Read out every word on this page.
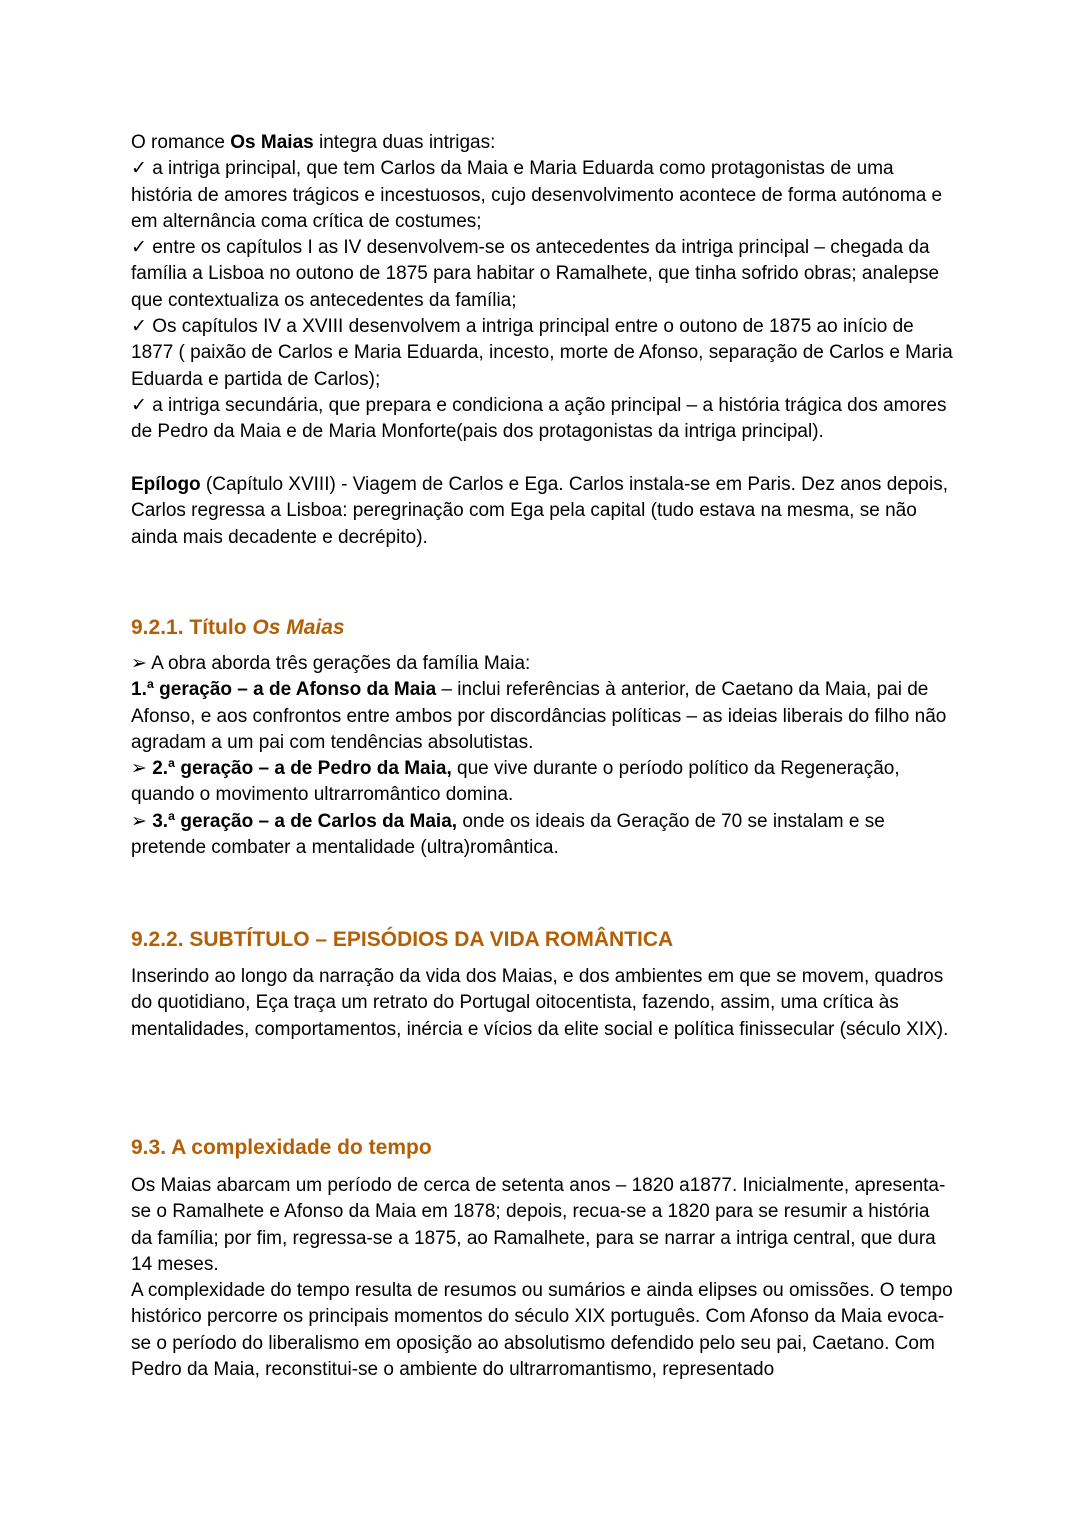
O romance Os Maias integra duas intrigas:

✓ a intriga principal, que tem Carlos da Maia e Maria Eduarda como protagonistas de uma história de amores trágicos e incestuosos, cujo desenvolvimento acontece de forma autónoma e em alternância coma crítica de costumes;

✓ entre os capítulos I as IV desenvolvem-se os antecedentes da intriga principal – chegada da família a Lisboa no outono de 1875 para habitar o Ramalhete, que tinha sofrido obras; analepse que contextualiza os antecedentes da família;

✓ Os capítulos IV a XVIII desenvolvem a intriga principal entre o outono de 1875 ao início de 1877 ( paixão de Carlos e Maria Eduarda, incesto, morte de Afonso, separação de Carlos e Maria Eduarda e partida de Carlos);

✓ a intriga secundária, que prepara e condiciona a ação principal – a história trágica dos amores de Pedro da Maia e de Maria Monforte(pais dos protagonistas da intriga principal).

Epílogo (Capítulo XVIII) - Viagem de Carlos e Ega. Carlos instala-se em Paris. Dez anos depois, Carlos regressa a Lisboa: peregrinação com Ega pela capital (tudo estava na mesma, se não ainda mais decadente e decrépito).

9.2.1. Título Os Maias

➢ A obra aborda três gerações da família Maia:

1.ª geração – a de Afonso da Maia – inclui referências à anterior, de Caetano da Maia, pai de Afonso, e aos confrontos entre ambos por discordâncias políticas – as ideias liberais do filho não agradam a um pai com tendências absolutistas.

➢ 2.ª geração – a de Pedro da Maia, que vive durante o período político da Regeneração, quando o movimento ultrarromântico domina.

➢ 3.ª geração – a de Carlos da Maia, onde os ideais da Geração de 70 se instalam e se pretende combater a mentalidade (ultra)romântica.

9.2.2. SUBTÍTULO – EPISÓDIOS DA VIDA ROMÂNTICA

Inserindo ao longo da narração da vida dos Maias, e dos ambientes em que se movem, quadros do quotidiano, Eça traça um retrato do Portugal oitocentista, fazendo, assim, uma crítica às mentalidades, comportamentos, inércia e vícios da elite social e política finissecular (século XIX).

9.3. A complexidade do tempo

Os Maias abarcam um período de cerca de setenta anos – 1820 a1877. Inicialmente, apresenta-se o Ramalhete e Afonso da Maia em 1878; depois, recua-se a 1820 para se resumir a história da família; por fim, regressa-se a 1875, ao Ramalhete, para se narrar a intriga central, que dura 14 meses.

A complexidade do tempo resulta de resumos ou sumários e ainda elipses ou omissões. O tempo histórico percorre os principais momentos do século XIX português. Com Afonso da Maia evoca-se o período do liberalismo em oposição ao absolutismo defendido pelo seu pai, Caetano. Com Pedro da Maia, reconstitui-se o ambiente do ultrarromantismo, representado
